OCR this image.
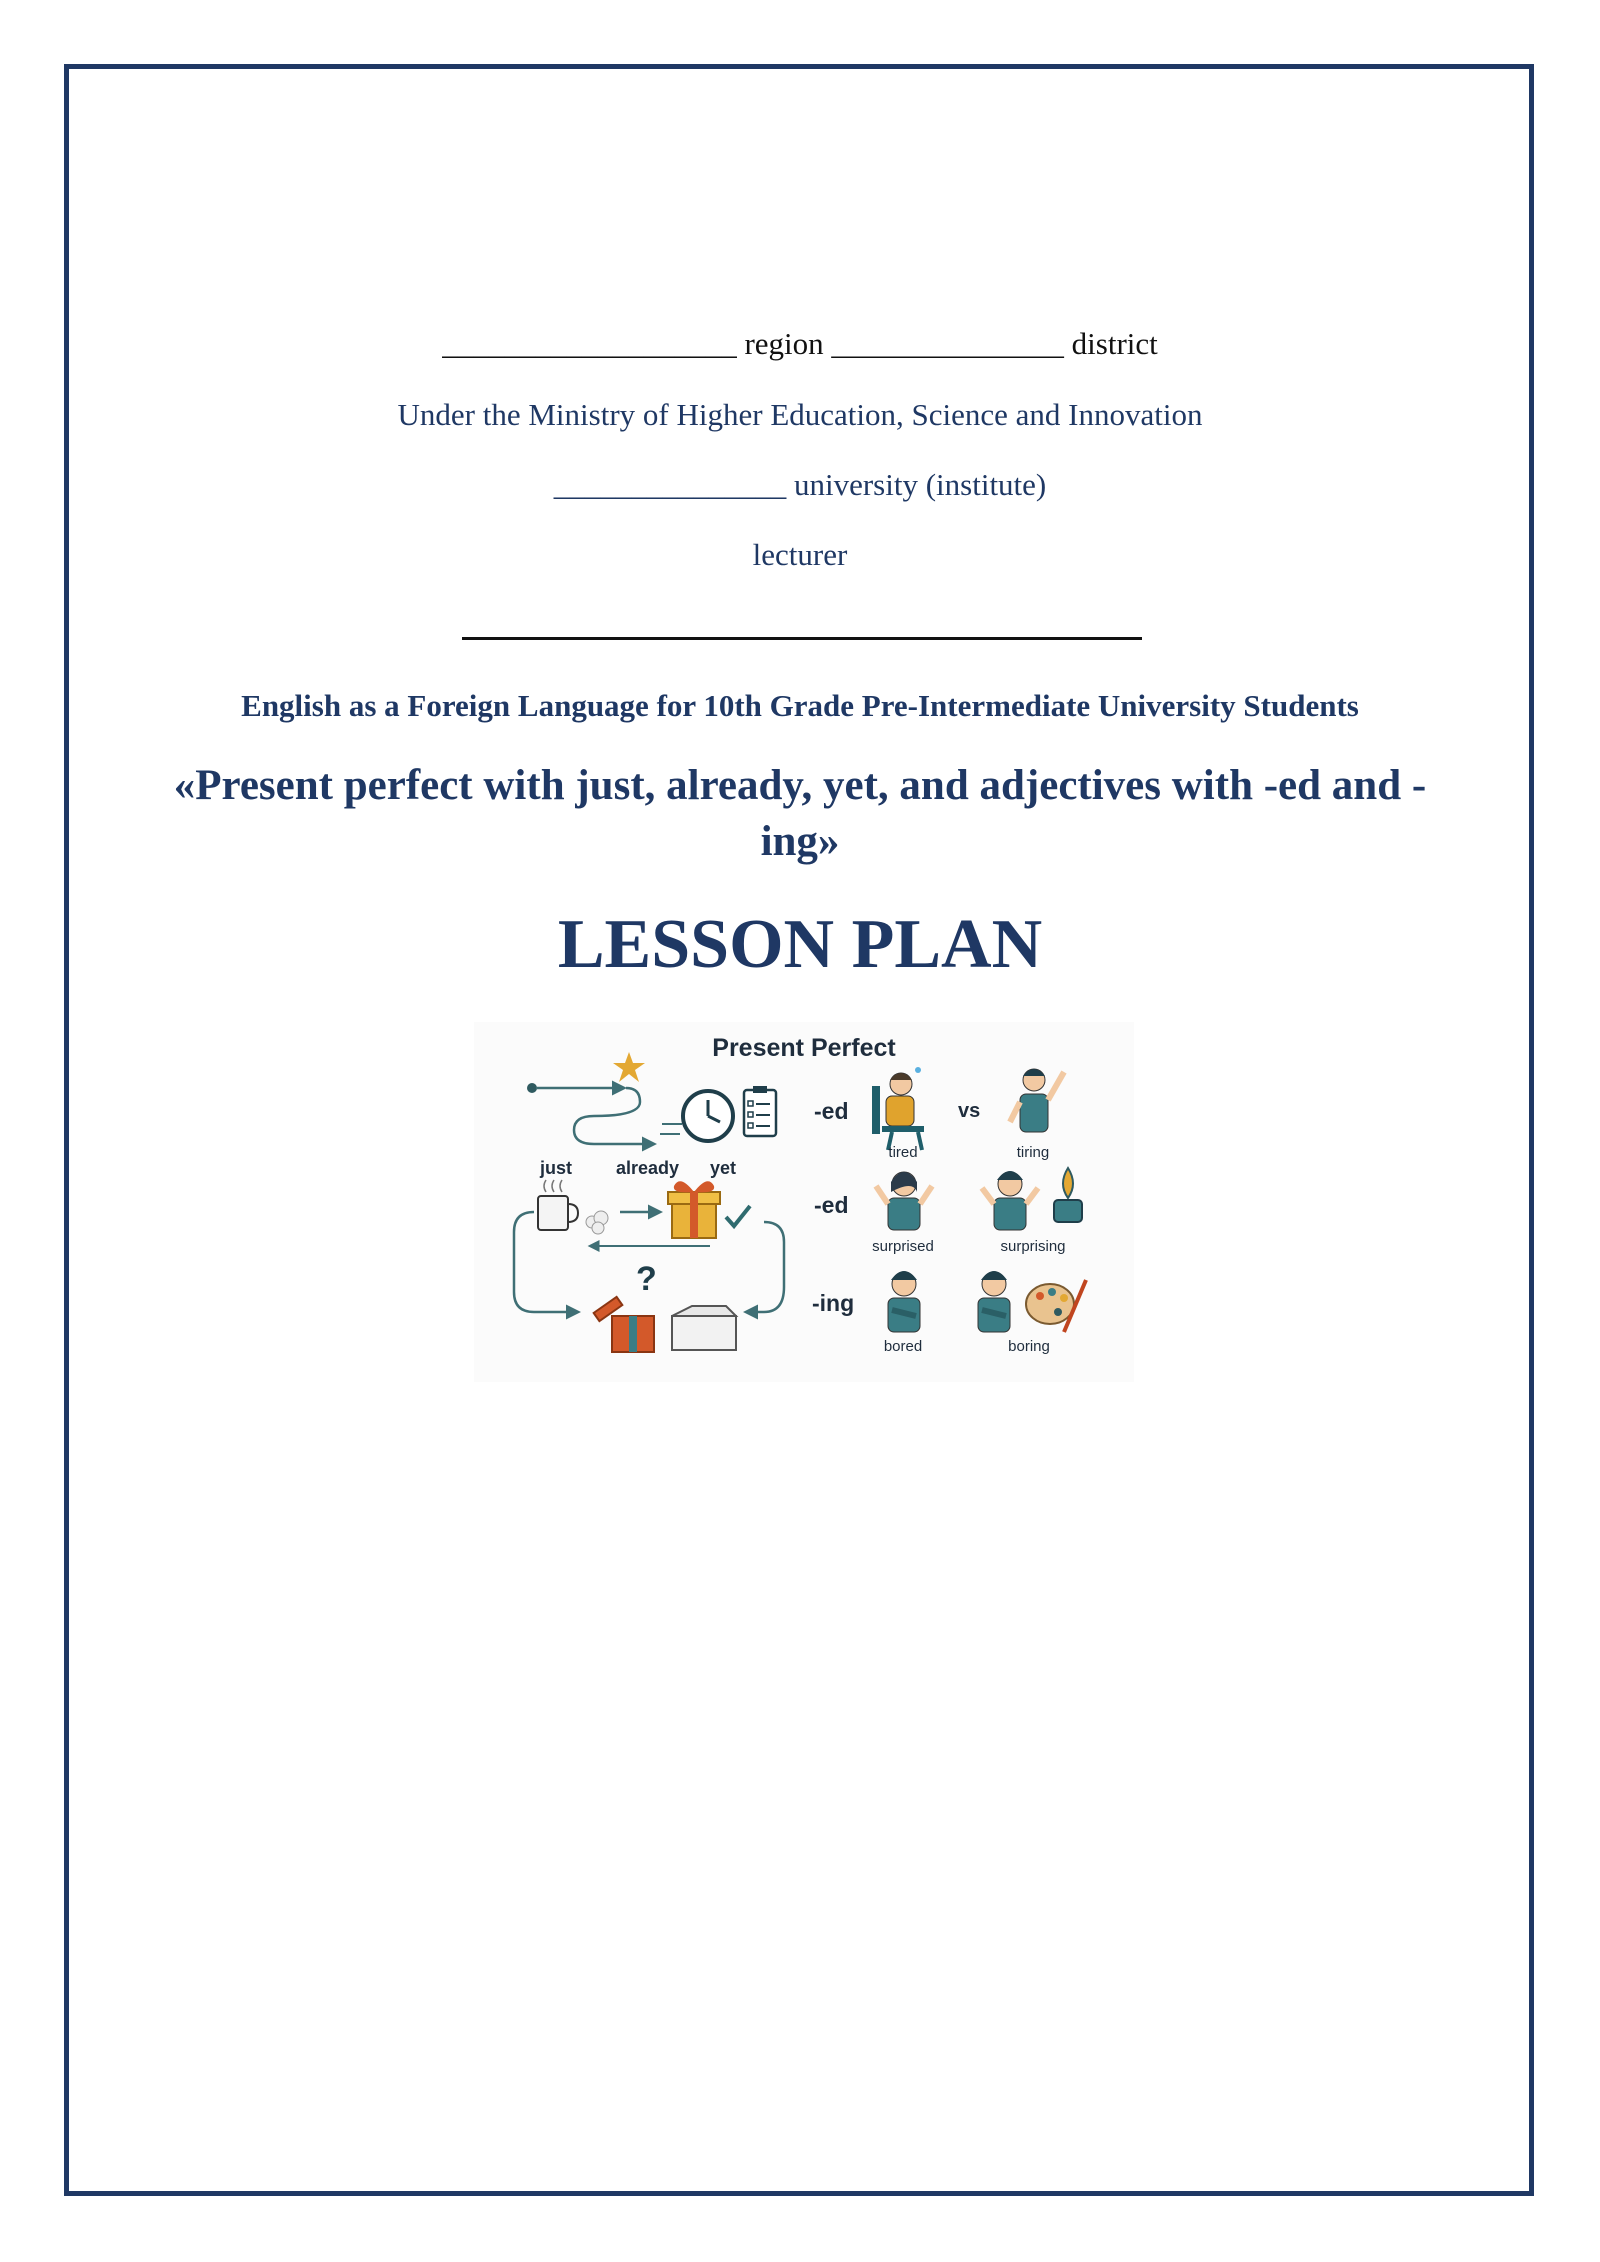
___________________ region _______________ district
Under the Ministry of Higher Education, Science and Innovation
_______________ university (institute)
lecturer
English as a Foreign Language for 10th Grade Pre-Intermediate University Students
«Present perfect with just, already, yet, and adjectives with -ed and -ing»
LESSON PLAN
?
Present Perfect
just already yet
-ed	vs
tired	tiring
-ed
surprised	surprising
-ing
bored	boring
